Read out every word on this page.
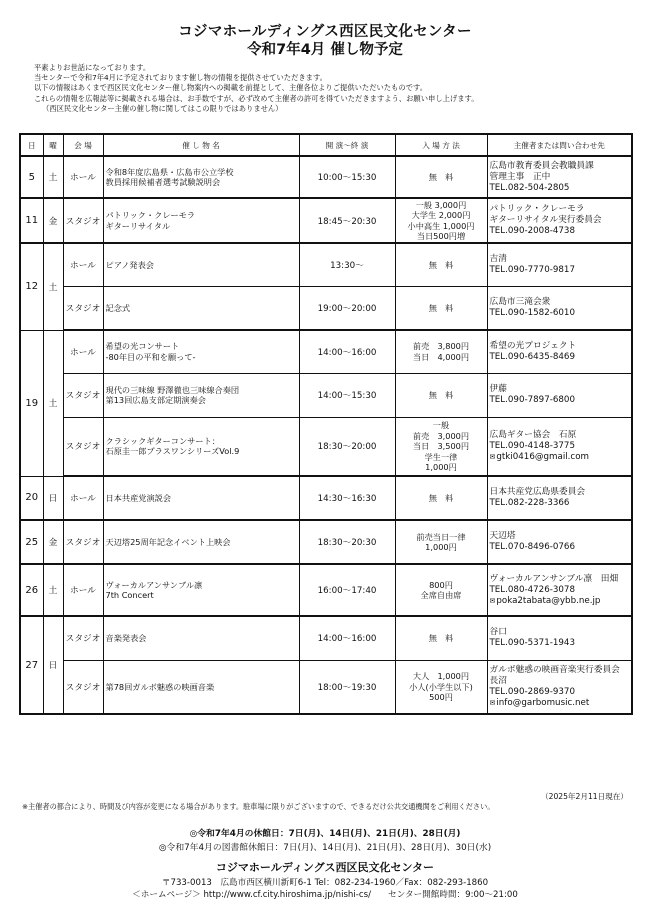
コジマホールディングス西区民文化センター
令和7年4月 催し物予定
平素よりお世話になっております。
当センターで令和7年4月に予定されております催し物の情報を提供させていただきます。
以下の情報はあくまで西区民文化センター催し物案内への掲載を前提として、主催各位よりご提供いただいたものです。
これらの情報を広報誌等に掲載される場合は、お手数ですが、必ず改めて主催者の許可を得ていただきますよう、お願い申し上げます。
（西区民文化センター主催の催し物に関してはこの限りではありません）
日	曜	会 場	催 し 物 名	開 演～終 演	入 場 方 法	主催者または問い合わせ先
5	土	ホール	令和8年度広島県・広島市公立学校
教員採用候補者選考試験説明会	10:00～15:30	無　料	広島市教育委員会教職員課
管理主事　正中
TEL.082-504-2805

11	金	スタジオ	パトリック・クレーモラ
ギターリサイタル	18:45～20:30	一般 3,000円
大学生 2,000円
小中高生 1,000円
当日500円増	パトリック・クレーモラ
ギターリサイタル実行委員会
TEL.090-2008-4738

12	土	ホール	ピアノ発表会	13:30～	無　料	吉清
TEL.090-7770-9817

		スタジオ	記念式	19:00～20:00	無　料	広島市三滝会衆
TEL.090-1582-6010

19	土	ホール	希望の光コンサート
-80年目の平和を願って-	14:00～16:00	前売　3,800円
当日　4,000円	希望の光プロジェクト
TEL.090-6435-8469

		スタジオ	現代の三味線 野澤徹也三味線合奏団
第13回広島支部定期演奏会	14:00～15:30	無　料	伊藤
TEL.090-7897-6800

		スタジオ	クラシックギターコンサート：
石原圭一郎プラスワンシリーズVol.9	18:30～20:00	一般
前売　3,000円
当日　3,500円
学生一律
1,000円	広島ギター協会　石原
TEL.090-4148-3775
✉ gtki0416@gmail.com

20	日	ホール	日本共産党演説会	14:30～16:30	無　料	日本共産党広島県委員会
TEL.082-228-3366

25	金	スタジオ	天辺塔25周年記念イベント上映会	18:30～20:30	前売当日一律
1,000円	天辺塔
TEL.070-8496-0766

26	土	ホール	ヴォーカルアンサンブル凛
7th Concert	16:00～17:40	800円
全席自由席	ヴォーカルアンサンブル凛　田畑
TEL.080-4726-3078
✉ poka2tabata@ybb.ne.jp

27	日	スタジオ	音楽発表会	14:00～16:00	無　料	谷口
TEL.090-5371-1943

		スタジオ	第78回ガルボ魅惑の映画音楽	18:00～19:30	大人　1,000円
小人(小学生以下)
500円	ガルボ魅惑の映画音楽実行委員会
長沼
TEL.090-2869-9370
✉ info@garbomusic.net
（2025年2月11日現在）
※主催者の都合により、時間及び内容が変更になる場合があります。駐車場に限りがございますので、できるだけ公共交通機関をご利用ください。
◎令和7年4月の休館日：7日(月)、14日(月)、21日(月)、28日(月)
◎令和7年4月の図書館休館日：7日(月)、14日(月)、21日(月)、28日(月)、30日(水)
コジマホールディングス西区民文化センター
〒733-0013　広島市西区横川新町6-1 Tel：082-234-1960／Fax：082-293-1860
＜ホームページ＞ http://www.cf.city.hiroshima.jp/nishi-cs/　　センター開館時間：9:00～21:00
